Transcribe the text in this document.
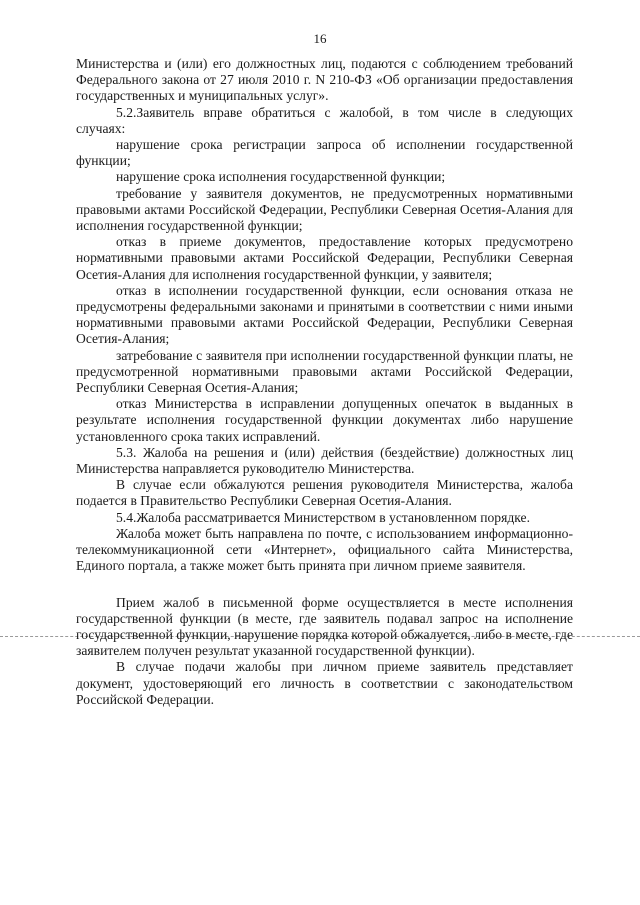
16

Министерства и (или) его должностных лиц, подаются с соблюдением требований Федерального закона от 27 июля 2010 г. N 210-ФЗ «Об организации предоставления государственных и муниципальных услуг».

5.2.Заявитель вправе обратиться с жалобой, в том числе в следующих случаях:

нарушение срока регистрации запроса об исполнении государственной функции;

нарушение срока исполнения государственной функции;

требование у заявителя документов, не предусмотренных нормативными правовыми актами Российской Федерации, Республики Северная Осетия-Алания для исполнения государственной функции;

отказ в приеме документов, предоставление которых предусмотрено нормативными правовыми актами Российской Федерации, Республики Северная Осетия-Алания для исполнения государственной функции, у заявителя;

отказ в исполнении государственной функции, если основания отказа не предусмотрены федеральными законами и принятыми в соответствии с ними иными нормативными правовыми актами Российской Федерации, Республики Северная Осетия-Алания;

затребование с заявителя при исполнении государственной функции платы, не предусмотренной нормативными правовыми актами Российской Федерации, Республики Северная Осетия-Алания;

отказ Министерства в исправлении допущенных опечаток в выданных в результате исполнения государственной функции документах либо нарушение установленного срока таких исправлений.

5.3. Жалоба на решения и (или) действия (бездействие) должностных лиц Министерства направляется руководителю Министерства.

В случае если обжалуются решения руководителя Министерства, жалоба подается в Правительство Республики Северная Осетия-Алания.

5.4.Жалоба рассматривается Министерством в установленном порядке.

Жалоба может быть направлена по почте, с использованием информационно-телекоммуникационной сети «Интернет», официального сайта Министерства, Единого портала, а также может быть принята при личном приеме заявителя.

Прием жалоб в письменной форме осуществляется в месте исполнения государственной функции (в месте, где заявитель подавал запрос на исполнение государственной функции, нарушение порядка которой обжалуется, либо в месте, где заявителем получен результат указанной государственной функции).

В случае подачи жалобы при личном приеме заявитель представляет документ, удостоверяющий его личность в соответствии с законодательством Российской Федерации.
